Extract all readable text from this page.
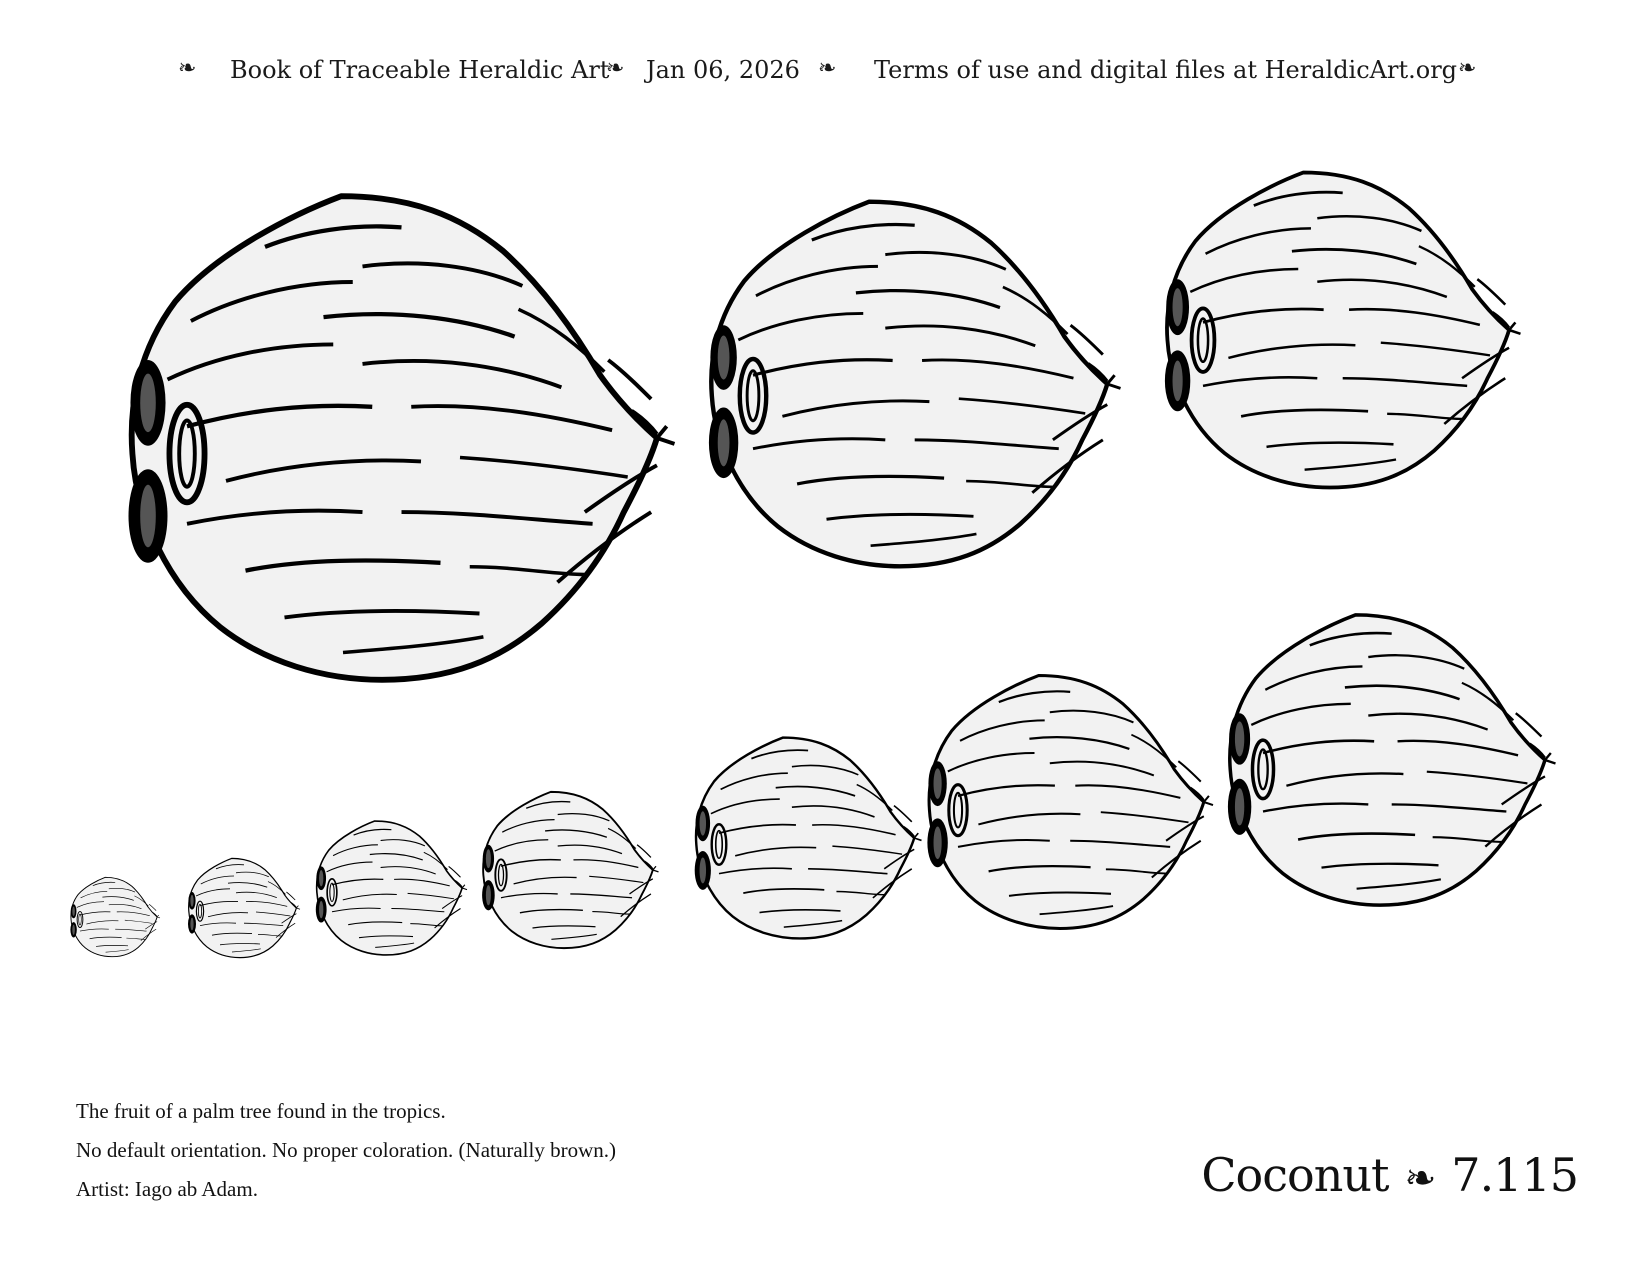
❧ Book of Traceable Heraldic Art
❧ Jan 06, 2026 ❧ Terms of use and digital files at HeraldicArt.org ❧
The fruit of a palm tree found in the tropics.
No default orientation. No proper coloration. (Naturally brown.)
Artist: Iago ab Adam.	Coconut ❧ 7.115
